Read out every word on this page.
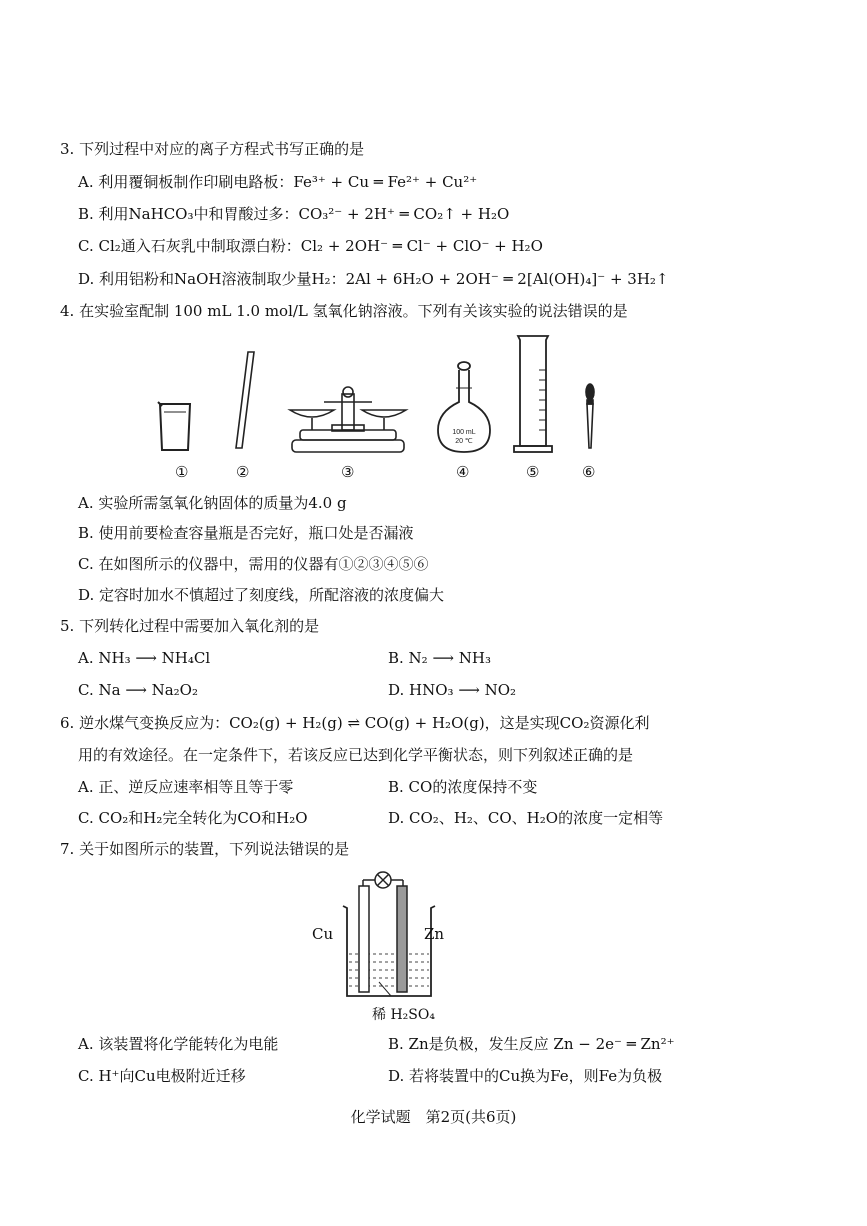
3. 下列过程中对应的离子方程式书写正确的是
A. 利用覆铜板制作印刷电路板：Fe³⁺ + Cu ═ Fe²⁺ + Cu²⁺
B. 利用NaHCO₃中和胃酸过多：CO₃²⁻ + 2H⁺ ═ CO₂↑ + H₂O
C. Cl₂通入石灰乳中制取漂白粉：Cl₂ + 2OH⁻ ═ Cl⁻ + ClO⁻ + H₂O
D. 利用铝粉和NaOH溶液制取少量H₂：2Al + 6H₂O + 2OH⁻ ═ 2[Al(OH)₄]⁻ + 3H₂↑
4. 在实验室配制 100 mL 1.0 mol/L 氢氧化钠溶液。下列有关该实验的说法错误的是
100 mL
20 ℃
①	②	③	④	⑤	⑥
A. 实验所需氢氧化钠固体的质量为4.0 g
B. 使用前要检查容量瓶是否完好，瓶口处是否漏液
C. 在如图所示的仪器中，需用的仪器有①②③④⑤⑥
D. 定容时加水不慎超过了刻度线，所配溶液的浓度偏大
5. 下列转化过程中需要加入氧化剂的是
A. NH₃ ⟶ NH₄Cl	B. N₂ ⟶ NH₃
C. Na ⟶ Na₂O₂	D. HNO₃ ⟶ NO₂
6. 逆水煤气变换反应为：CO₂(g) + H₂(g) ⇌ CO(g) + H₂O(g)，这是实现CO₂资源化利
用的有效途径。在一定条件下，若该反应已达到化学平衡状态，则下列叙述正确的是
A. 正、逆反应速率相等且等于零	B. CO的浓度保持不变
C. CO₂和H₂完全转化为CO和H₂O	D. CO₂、H₂、CO、H₂O的浓度一定相等
7. 关于如图所示的装置，下列说法错误的是
Cu	Zn
稀 H₂SO₄
A. 该装置将化学能转化为电能	B. Zn是负极，发生反应 Zn − 2e⁻ ═ Zn²⁺
C. H⁺向Cu电极附近迁移	D. 若将装置中的Cu换为Fe，则Fe为负极
化学试题　第2页(共6页)
